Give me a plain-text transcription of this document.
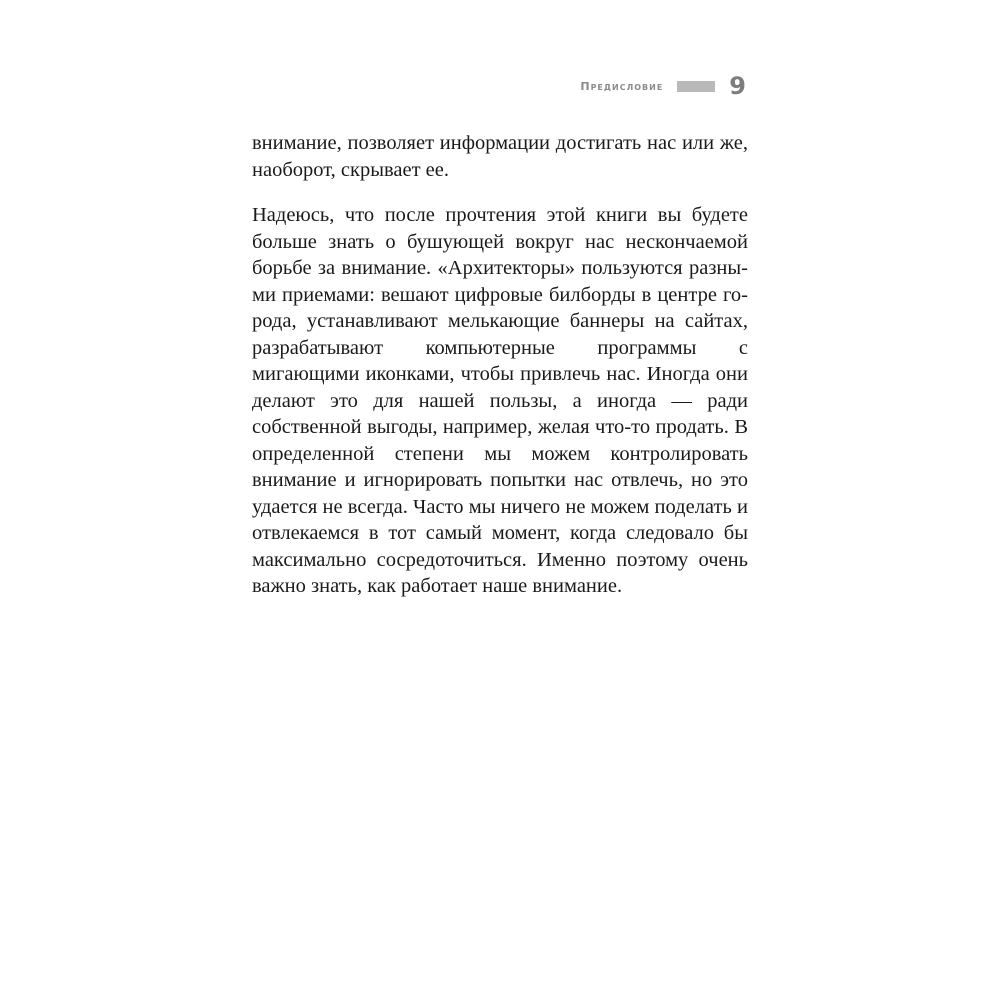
Предисловие	9

внимание, позволяет информации достигать нас или же, наоборот, скрывает ее.

Надеюсь, что после прочтения этой книги вы будете больше знать о бушующей вокруг нас нескончаемой борьбе за внимание. «Архитекторы» пользуются разными приемами: вешают цифровые билборды в центре города, устанавливают мелькающие баннеры на сайтах, разрабатывают компьютерные программы с мигающими иконками, чтобы привлечь нас. Иногда они делают это для нашей пользы, а иногда — ради собственной выгоды, например, желая что-то продать. В определенной степени мы можем контролировать внимание и игнорировать попытки нас отвлечь, но это удается не всегда. Часто мы ничего не можем поделать и отвлекаемся в тот самый момент, когда следовало бы максимально сосредоточиться. Именно поэтому очень важно знать, как работает наше внимание.
